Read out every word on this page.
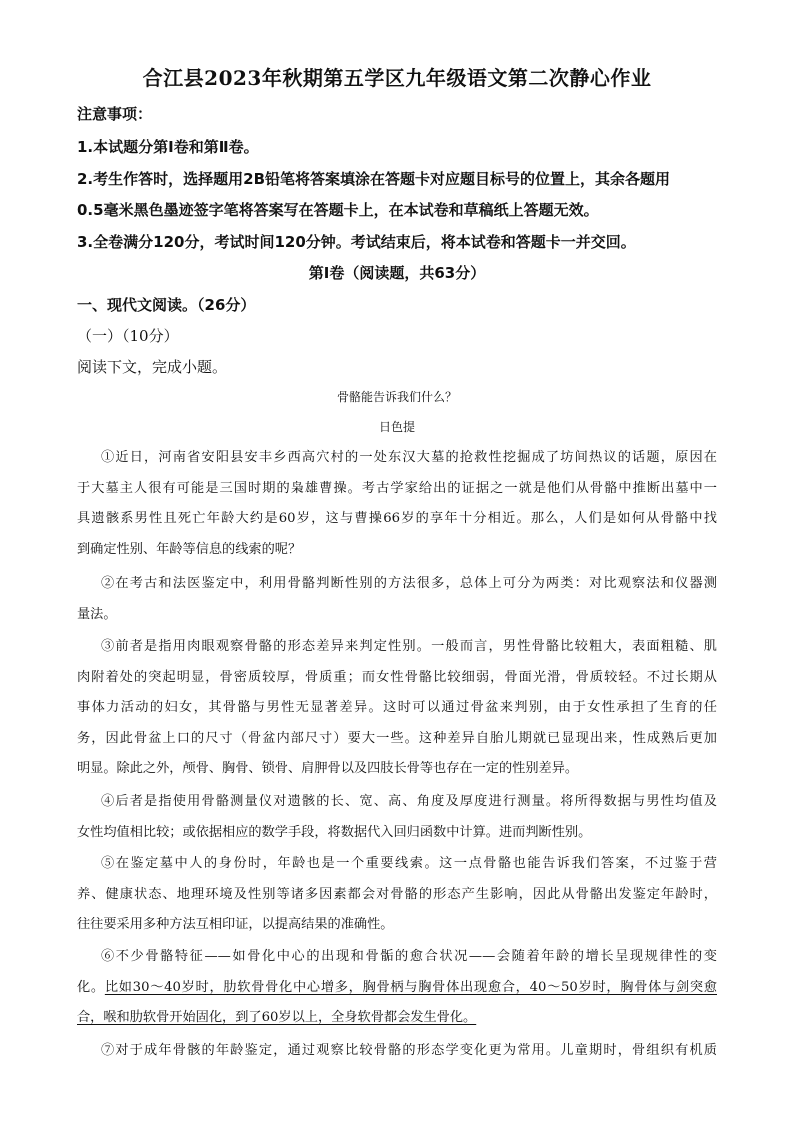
合江县2023年秋期第五学区九年级语文第二次静心作业
注意事项：
1.本试题分第Ⅰ卷和第Ⅱ卷。
2.考生作答时，选择题用2B铅笔将答案填涂在答题卡对应题目标号的位置上，其余各题用
0.5毫米黑色墨迹签字笔将答案写在答题卡上，在本试卷和草稿纸上答题无效。
3.全卷满分120分，考试时间120分钟。考试结束后，将本试卷和答题卡一并交回。
第Ⅰ卷（阅读题，共63分）
一、现代文阅读。（26分）
（一）（10分）
阅读下文，完成小题。
骨骼能告诉我们什么？
日色提
①近日，河南省安阳县安丰乡西高穴村的一处东汉大墓的抢救性挖掘成了坊间热议的话题，原因在
于大墓主人很有可能是三国时期的枭雄曹操。考古学家给出的证据之一就是他们从骨骼中推断出墓中一
具遗骸系男性且死亡年龄大约是60岁，这与曹操66岁的享年十分相近。那么，人们是如何从骨骼中找
到确定性别、年龄等信息的线索的呢？
②在考古和法医鉴定中，利用骨骼判断性别的方法很多，总体上可分为两类：对比观察法和仪器测
量法。
③前者是指用肉眼观察骨骼的形态差异来判定性别。一般而言，男性骨骼比较粗大，表面粗糙、肌
肉附着处的突起明显，骨密质较厚，骨质重；而女性骨骼比较细弱，骨面光滑，骨质较轻。不过长期从
事体力活动的妇女，其骨骼与男性无显著差异。这时可以通过骨盆来判别，由于女性承担了生育的任
务，因此骨盆上口的尺寸（骨盆内部尺寸）要大一些。这种差异自胎儿期就已显现出来，性成熟后更加
明显。除此之外，颅骨、胸骨、锁骨、肩胛骨以及四肢长骨等也存在一定的性别差异。
④后者是指使用骨骼测量仪对遗骸的长、宽、高、角度及厚度进行测量。将所得数据与男性均值及
女性均值相比较；或依据相应的数学手段，将数据代入回归函数中计算。进而判断性别。
⑤在鉴定墓中人的身份时，年龄也是一个重要线索。这一点骨骼也能告诉我们答案，不过鉴于营
养、健康状态、地理环境及性别等诸多因素都会对骨骼的形态产生影响，因此从骨骼出发鉴定年龄时，
往往要采用多种方法互相印证，以提高结果的准确性。
⑥不少骨骼特征——如骨化中心的出现和骨骺的愈合状况——会随着年龄的增长呈现规律性的变
化。比如30～40岁时，肋软骨骨化中心增多，胸骨柄与胸骨体出现愈合，40～50岁时，胸骨体与剑突愈
合，喉和肋软骨开始固化，到了60岁以上，全身软骨都会发生骨化。
⑦对于成年骨骸的年龄鉴定，通过观察比较骨骼的形态学变化更为常用。儿童期时，骨组织有机质
